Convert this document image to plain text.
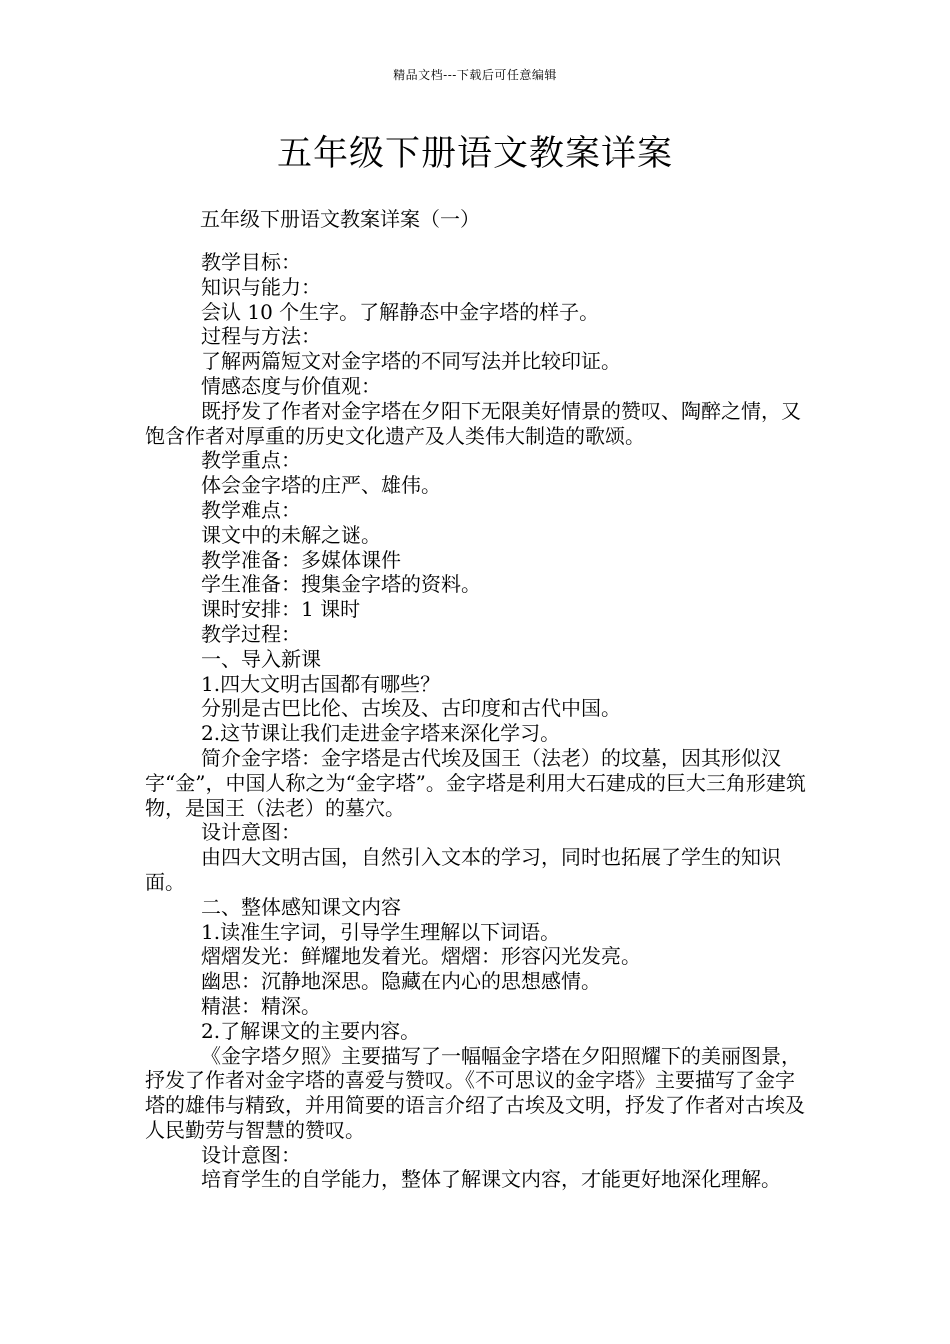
精品文档---下载后可任意编辑
五年级下册语文教案详案

五年级下册语文教案详案（一）

教学目标：

知识与能力：

会认 10 个生字。了解静态中金字塔的样子。

过程与方法：

了解两篇短文对金字塔的不同写法并比较印证。

情感态度与价值观：

既抒发了作者对金字塔在夕阳下无限美好情景的赞叹、陶醉之情，又饱含作者对厚重的历史文化遗产及人类伟大制造的歌颂。

教学重点：

体会金字塔的庄严、雄伟。

教学难点：

课文中的未解之谜。

教学准备：多媒体课件

学生准备：搜集金字塔的资料。

课时安排：1 课时

教学过程：

一、导入新课

1.四大文明古国都有哪些？

分别是古巴比伦、古埃及、古印度和古代中国。

2.这节课让我们走进金字塔来深化学习。

简介金字塔：金字塔是古代埃及国王（法老）的坟墓，因其形似汉字“金”，中国人称之为“金字塔”。金字塔是利用大石建成的巨大三角形建筑物，是国王（法老）的墓穴。

设计意图：

由四大文明古国，自然引入文本的学习，同时也拓展了学生的知识面。

二、整体感知课文内容

1.读准生字词，引导学生理解以下词语。

熠熠发光：鲜耀地发着光。熠熠：形容闪光发亮。

幽思：沉静地深思。隐藏在内心的思想感情。

精湛：精深。

2.了解课文的主要内容。

《金字塔夕照》主要描写了一幅幅金字塔在夕阳照耀下的美丽图景，抒发了作者对金字塔的喜爱与赞叹。《不可思议的金字塔》主要描写了金字塔的雄伟与精致，并用简要的语言介绍了古埃及文明，抒发了作者对古埃及人民勤劳与智慧的赞叹。

设计意图：

培育学生的自学能力，整体了解课文内容，才能更好地深化理解。
